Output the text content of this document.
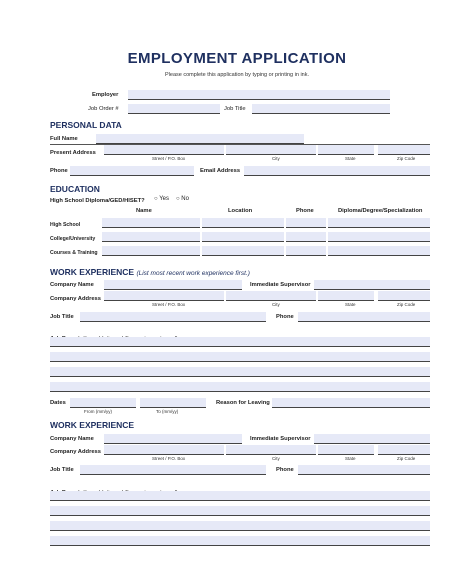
EMPLOYMENT APPLICATION
Please complete this application by typing or printing in ink.
Employer
Job Order #	Job Title
PERSONAL DATA
Full Name
Present Address
Street / P.O. Box	City	State	Zip Code
Phone	Email Address
EDUCATION
High School Diploma/GED/HISET? ○ Yes ○ No
Name	Location	Phone	Diploma/Degree/Specialization
High School
College/University
Courses & Training
WORK EXPERIENCE (List most recent work experience first.)
Company Name	Immediate Supervisor
Company Address
Street / P.O. Box	City	State	Zip Code
Job Title	Phone
Dates
From (mm/yy)	To (mm/yy)
Reason for Leaving
WORK EXPERIENCE
Company Name	Immediate Supervisor
Company Address
Street / P.O. Box	City	State	Zip Code
Job Title	Phone
